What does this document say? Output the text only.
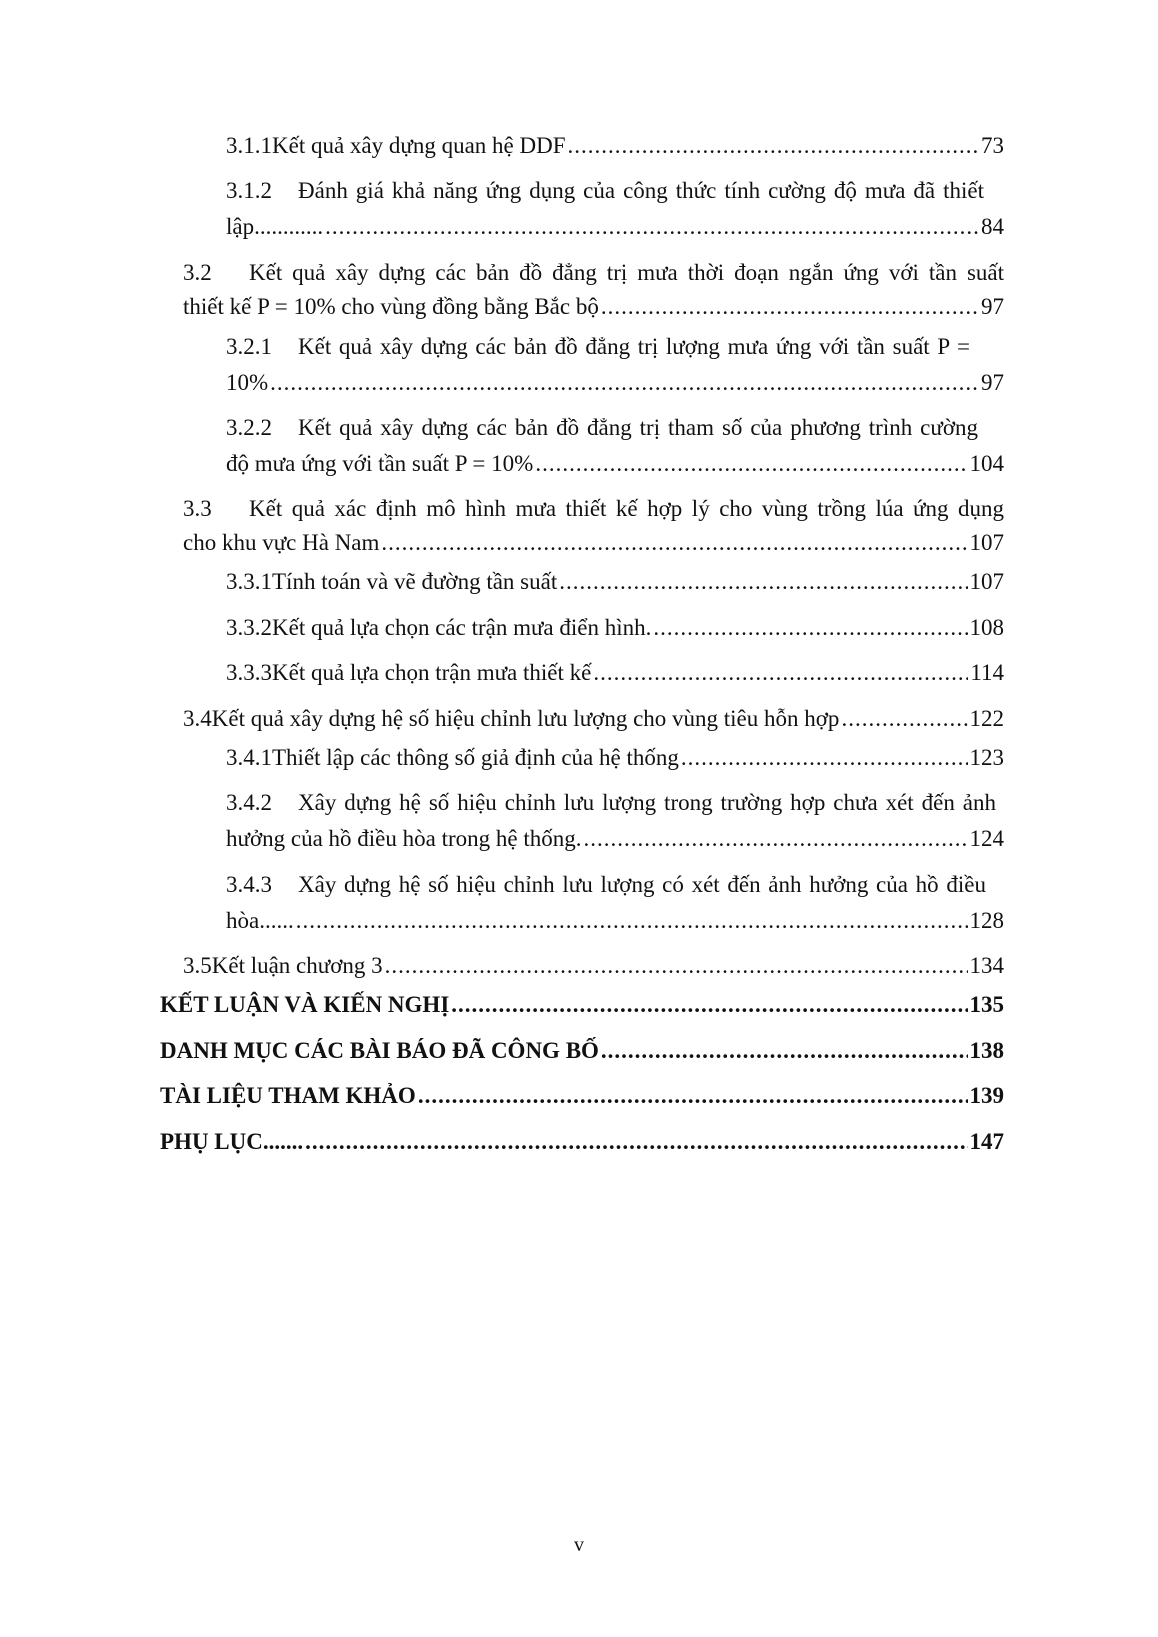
3.1.1 Kết quả xây dựng quan hệ DDF .....	73
3.1.2 Đánh giá khả năng ứng dụng của công thức tính cường độ mưa đã thiết
lập............ .....	84
3.2 Kết quả xây dựng các bản đồ đẳng trị mưa thời đoạn ngắn ứng với tần suất
thiết kế P = 10% cho vùng đồng bằng Bắc bộ .....	97
3.2.1 Kết quả xây dựng các bản đồ đẳng trị lượng mưa ứng với tần suất P =
10% .....	97
3.2.2 Kết quả xây dựng các bản đồ đẳng trị tham số của phương trình cường
độ mưa ứng với tần suất P = 10% .....	104
3.3 Kết quả xác định mô hình mưa thiết kế hợp lý cho vùng trồng lúa ứng dụng
cho khu vực Hà Nam .....	107
3.3.1 Tính toán và vẽ đường tần suất .....	107
3.3.2 Kết quả lựa chọn các trận mưa điển hình. .....	108
3.3.3 Kết quả lựa chọn trận mưa thiết kế .....	114
3.4 Kết quả xây dựng hệ số hiệu chỉnh lưu lượng cho vùng tiêu hỗn hợp .....	122
3.4.1 Thiết lập các thông số giả định của hệ thống .....	123
3.4.2 Xây dựng hệ số hiệu chỉnh lưu lượng trong trường hợp chưa xét đến ảnh
hưởng của hồ điều hòa trong hệ thống. .....	124
3.4.3 Xây dựng hệ số hiệu chỉnh lưu lượng có xét đến ảnh hưởng của hồ điều
hòa...... .....	128
3.5 Kết luận chương 3 .....	134
KẾT LUẬN VÀ KIẾN NGHỊ .....	135
DANH MỤC CÁC BÀI BÁO ĐÃ CÔNG BỐ .....	138
TÀI LIỆU THAM KHẢO .....	139
PHỤ LỤC....... .....	147
v
